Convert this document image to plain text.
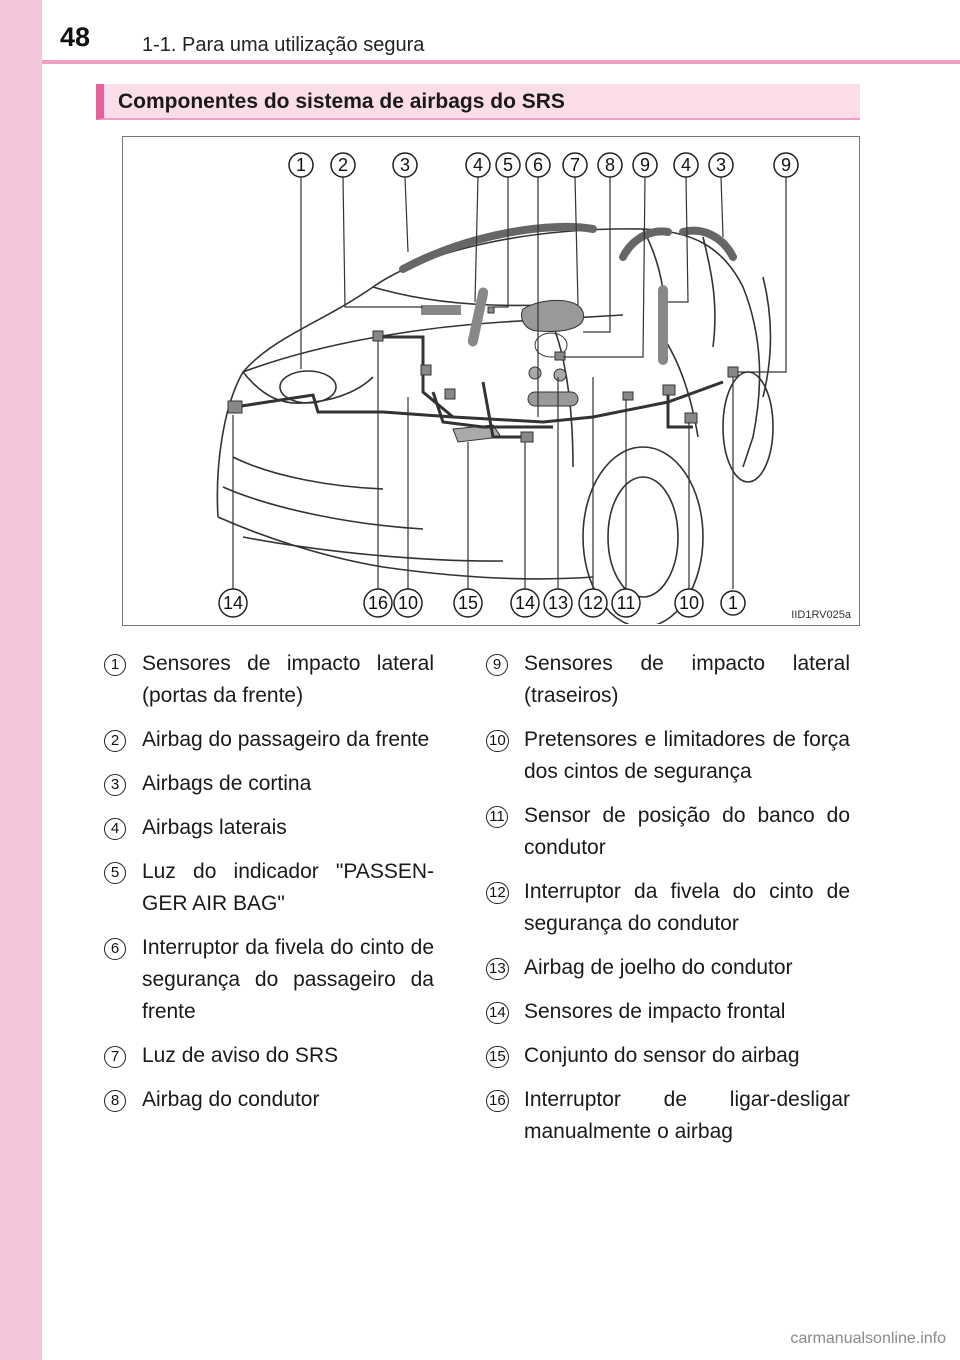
48	1-1. Para uma utilização segura
Componentes do sistema de airbags do SRS
1 2	3	4 5 6 7 8 9 4 3	9
14	16 10 15 14 13 12 11 10 1
IID1RV025a
1	Sensores de impacto lateral (portas da frente)
2	Airbag do passageiro da frente
3	Airbags de cortina
4	Airbags laterais
5	Luz do indicador "PASSEN-GER AIR BAG"
6	Interruptor da fivela do cinto de segurança do passageiro da frente
7	Luz de aviso do SRS
8	Airbag do condutor
9	Sensores de impacto lateral (traseiros)
10 Pretensores e limitadores de força dos cintos de segurança
11 Sensor de posição do banco do condutor
12 Interruptor da fivela do cinto de segurança do condutor
13 Airbag de joelho do condutor
14 Sensores de impacto frontal
15 Conjunto do sensor do airbag
16 Interruptor de ligar-desligar manualmente o airbag
carmanualsonline.info
